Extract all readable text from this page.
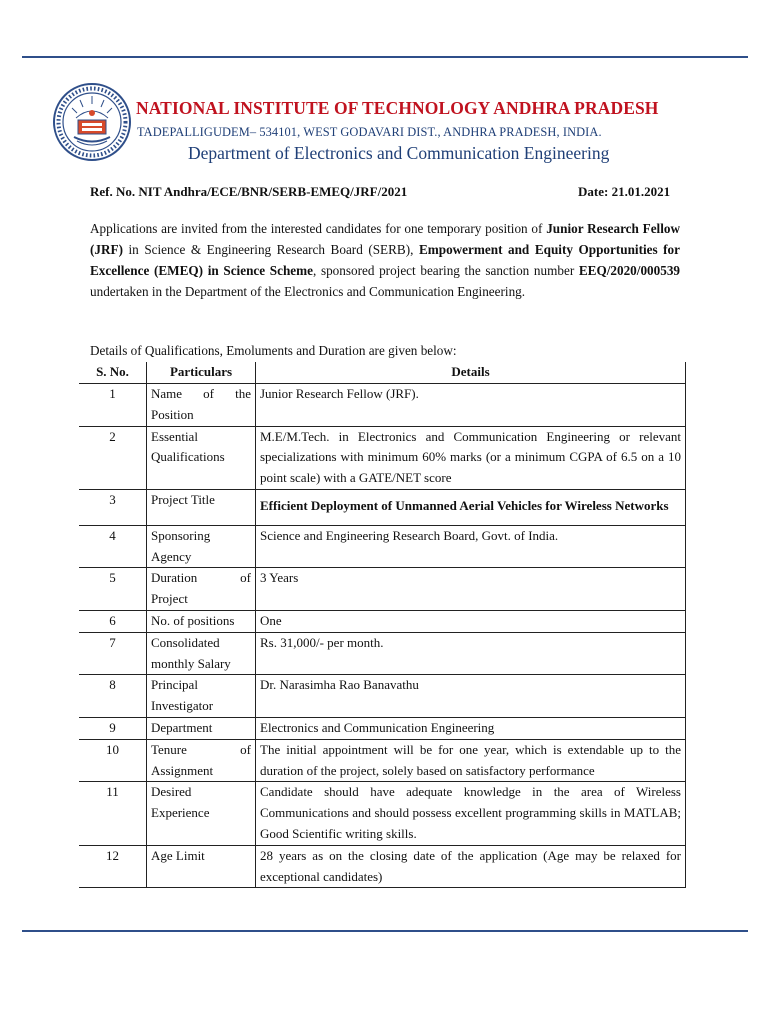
NATIONAL INSTITUTE OF TECHNOLOGY ANDHRA PRADESH
TADEPALLIGUDEM– 534101, WEST GODAVARI DIST., ANDHRA PRADESH, INDIA.
Department of Electronics and Communication Engineering
Ref. No. NIT Andhra/ECE/BNR/SERB-EMEQ/JRF/2021	Date: 21.01.2021

Applications are invited from the interested candidates for one temporary position of Junior Research Fellow (JRF) in Science & Engineering Research Board (SERB), Empowerment and Equity Opportunities for Excellence (EMEQ) in Science Scheme, sponsored project bearing the sanction number EEQ/2020/000539 undertaken in the Department of the Electronics and Communication Engineering.

Details of Qualifications, Emoluments and Duration are given below:
S. No.	Particulars	Details
1	Name of the Position	Junior Research Fellow (JRF).
2	Essential Qualifications	M.E/M.Tech. in Electronics and Communication Engineering or relevant specializations with minimum 60% marks (or a minimum CGPA of 6.5 on a 10 point scale) with a GATE/NET score
3	Project Title	Efficient Deployment of Unmanned Aerial Vehicles for Wireless Networks
4	Sponsoring Agency	Science and Engineering Research Board, Govt. of India.
5	Duration of Project	3 Years
6	No. of positions	One
7	Consolidated monthly Salary	Rs. 31,000/- per month.
8	Principal Investigator	Dr. Narasimha Rao Banavathu
9	Department	Electronics and Communication Engineering
10	Tenure of Assignment	The initial appointment will be for one year, which is extendable up to the duration of the project, solely based on satisfactory performance
11	Desired Experience	Candidate should have adequate knowledge in the area of Wireless Communications and should possess excellent programming skills in MATLAB; Good Scientific writing skills.
12	Age Limit	28 years as on the closing date of the application (Age may be relaxed for exceptional candidates)
